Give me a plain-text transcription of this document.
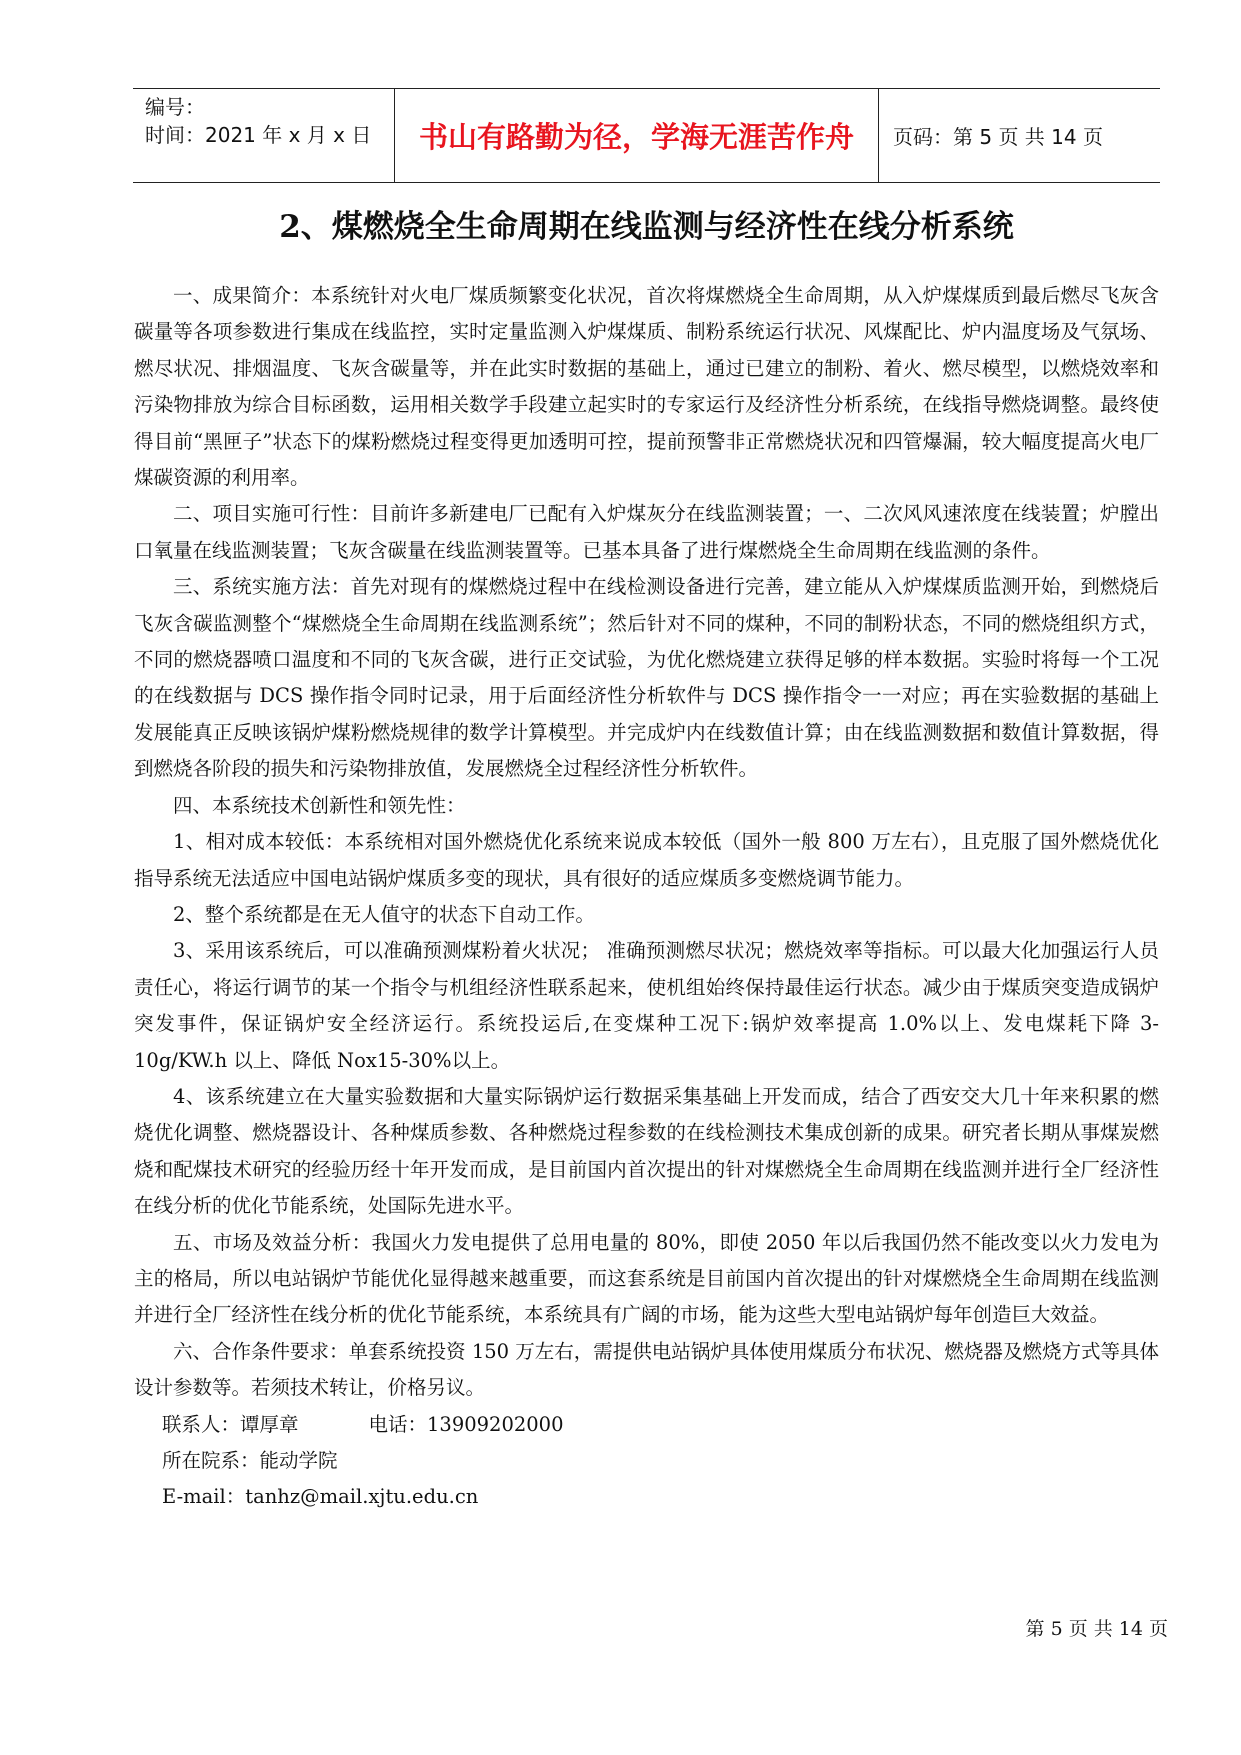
编号：
时间：2021 年 x 月 x 日	书山有路勤为径，学海无涯苦作舟	页码：第 5 页 共 14 页
2、煤燃烧全生命周期在线监测与经济性在线分析系统

一、成果简介：本系统针对火电厂煤质频繁变化状况，首次将煤燃烧全生命周期，从入炉煤煤质到最后燃尽飞灰含碳量等各项参数进行集成在线监控，实时定量监测入炉煤煤质、制粉系统运行状况、风煤配比、炉内温度场及气氛场、燃尽状况、排烟温度、飞灰含碳量等，并在此实时数据的基础上，通过已建立的制粉、着火、燃尽模型，以燃烧效率和污染物排放为综合目标函数，运用相关数学手段建立起实时的专家运行及经济性分析系统，在线指导燃烧调整。最终使得目前“黑匣子”状态下的煤粉燃烧过程变得更加透明可控，提前预警非正常燃烧状况和四管爆漏，较大幅度提高火电厂煤碳资源的利用率。

二、项目实施可行性：目前许多新建电厂已配有入炉煤灰分在线监测装置；一、二次风风速浓度在线装置；炉膛出口氧量在线监测装置；飞灰含碳量在线监测装置等。已基本具备了进行煤燃烧全生命周期在线监测的条件。

三、系统实施方法：首先对现有的煤燃烧过程中在线检测设备进行完善，建立能从入炉煤煤质监测开始，到燃烧后飞灰含碳监测整个“煤燃烧全生命周期在线监测系统”；然后针对不同的煤种，不同的制粉状态，不同的燃烧组织方式，不同的燃烧器喷口温度和不同的飞灰含碳，进行正交试验，为优化燃烧建立获得足够的样本数据。实验时将每一个工况的在线数据与 DCS 操作指令同时记录，用于后面经济性分析软件与 DCS 操作指令一一对应；再在实验数据的基础上发展能真正反映该锅炉煤粉燃烧规律的数学计算模型。并完成炉内在线数值计算；由在线监测数据和数值计算数据，得到燃烧各阶段的损失和污染物排放值，发展燃烧全过程经济性分析软件。

四、本系统技术创新性和领先性：

1、相对成本较低：本系统相对国外燃烧优化系统来说成本较低（国外一般 800 万左右），且克服了国外燃烧优化指导系统无法适应中国电站锅炉煤质多变的现状，具有很好的适应煤质多变燃烧调节能力。

2、整个系统都是在无人值守的状态下自动工作。

3、采用该系统后，可以准确预测煤粉着火状况； 准确预测燃尽状况；燃烧效率等指标。可以最大化加强运行人员责任心，将运行调节的某一个指令与机组经济性联系起来，使机组始终保持最佳运行状态。减少由于煤质突变造成锅炉突发事件，保证锅炉安全经济运行。系统投运后,在变煤种工况下:锅炉效率提高 1.0%以上、发电煤耗下降 3-10g/KW.h 以上、降低 Nox15-30%以上。

4、该系统建立在大量实验数据和大量实际锅炉运行数据采集基础上开发而成，结合了西安交大几十年来积累的燃烧优化调整、燃烧器设计、各种煤质参数、各种燃烧过程参数的在线检测技术集成创新的成果。研究者长期从事煤炭燃烧和配煤技术研究的经验历经十年开发而成，是目前国内首次提出的针对煤燃烧全生命周期在线监测并进行全厂经济性在线分析的优化节能系统，处国际先进水平。

五、市场及效益分析：我国火力发电提供了总用电量的 80%，即使 2050 年以后我国仍然不能改变以火力发电为主的格局，所以电站锅炉节能优化显得越来越重要，而这套系统是目前国内首次提出的针对煤燃烧全生命周期在线监测并进行全厂经济性在线分析的优化节能系统，本系统具有广阔的市场，能为这些大型电站锅炉每年创造巨大效益。

六、合作条件要求：单套系统投资 150 万左右，需提供电站锅炉具体使用煤质分布状况、燃烧器及燃烧方式等具体设计参数等。若须技术转让，价格另议。

联系人：谭厚章	电话：13909202000

所在院系：能动学院

E-mail：tanhz@mail.xjtu.edu.cn

第 5 页 共 14 页
